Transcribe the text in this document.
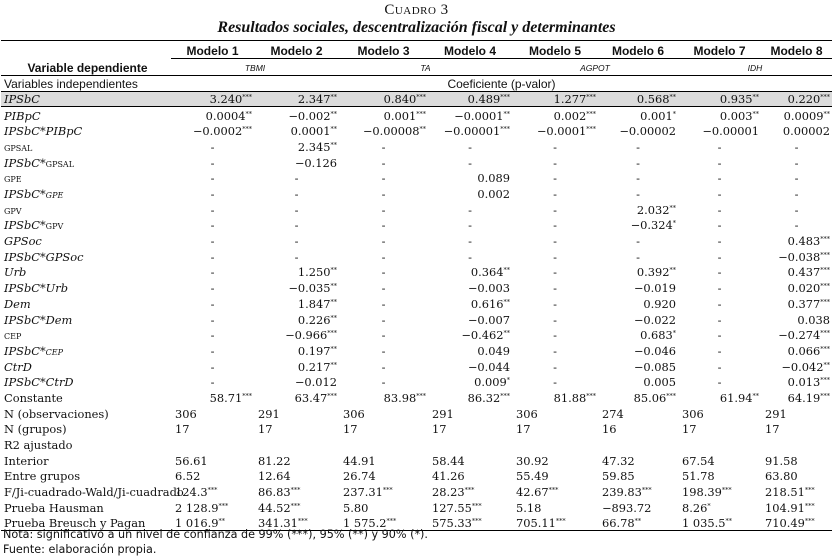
Cuadro 3
Resultados sociales, descentralización fiscal y determinantes
	Modelo 1	Modelo 2	Modelo 3	Modelo 4	Modelo 5	Modelo 6	Modelo 7	Modelo 8
Variable dependiente	TBMI		TA		AGPOT		IDH	
Variables independientes	Coeficiente (p-valor)							
IPSbC	3.240***	2.347**	0.840***	0.489***	1.277***	0.568**	0.935**	0.220***
PIBpC	0.0004**	−0.002**	0.001***	−0.0001**	0.002***	0.001*	0.003**	0.0009**
IPSbC*PIBpC	−0.0002***	0.0001**	−0.00008**	−0.00001***	−0.0001***	−0.00002	−0.00001	0.00002
gpsal	-	2.345**	-	-	-	-	-	-
IPSbC*gpsal	-	−0.126	-	-	-	-	-	-
gpe	-	-	-	0.089	-	-	-	-
IPSbC*gpe	-	-	-	0.002	-	-	-	-
gpv	-	-	-	-	-	2.032**	-	-
IPSbC*gpv	-	-	-	-	-	−0.324*	-	-
GPSoc	-	-	-	-	-	-	-	0.483***
IPSbC*GPSoc	-	-	-	-	-	-	-	−0.038***
Urb	-	1.250**	-	0.364**	-	0.392**	-	0.437***
IPSbC*Urb	-	−0.035**	-	−0.003	-	−0.019	-	0.020***
Dem	-	1.847**	-	0.616**	-	0.920	-	0.377***
IPSbC*Dem	-	0.226**	-	−0.007	-	−0.022	-	0.038
cep	-	−0.966***	-	−0.462**	-	0.683*	-	−0.274***
IPSbC*cep	-	0.197**	-	0.049	-	−0.046	-	0.066***
CtrD	-	0.217**	-	−0.044	-	−0.085	-	−0.042**
IPSbC*CtrD	-	−0.012	-	0.009*	-	0.005	-	0.013***
Constante	58.71***	63.47***	83.98***	86.32***	81.88***	85.06***	61.94**	64.19***
N (observaciones)	306	291	306	291	306	274	306	291
N (grupos)	17	17	17	17	17	16	17	17
R2 ajustado								
Interior	56.61	81.22	44.91	58.44	30.92	47.32	67.54	91.58
Entre grupos	6.52	12.64	26.74	41.26	55.49	59.85	51.78	63.80
F/Ji-cuadrado-Wald/Ji-cuadrado	124.3***	86.83***	237.31***	28.23***	42.67***	239.83***	198.39***	218.51***
Prueba Hausman	2 128.9***	44.52***	5.80	127.55***	5.18	−893.72	8.26*	104.91***
Prueba Breusch y Pagan	1 016.9**	341.31***	1 575.2***	575.33***	705.11***	66.78**	1 035.5**	710.49***
Nota: significativo a un nivel de confianza de 99% (***), 95% (**) y 90% (*).
Fuente: elaboración propia.
